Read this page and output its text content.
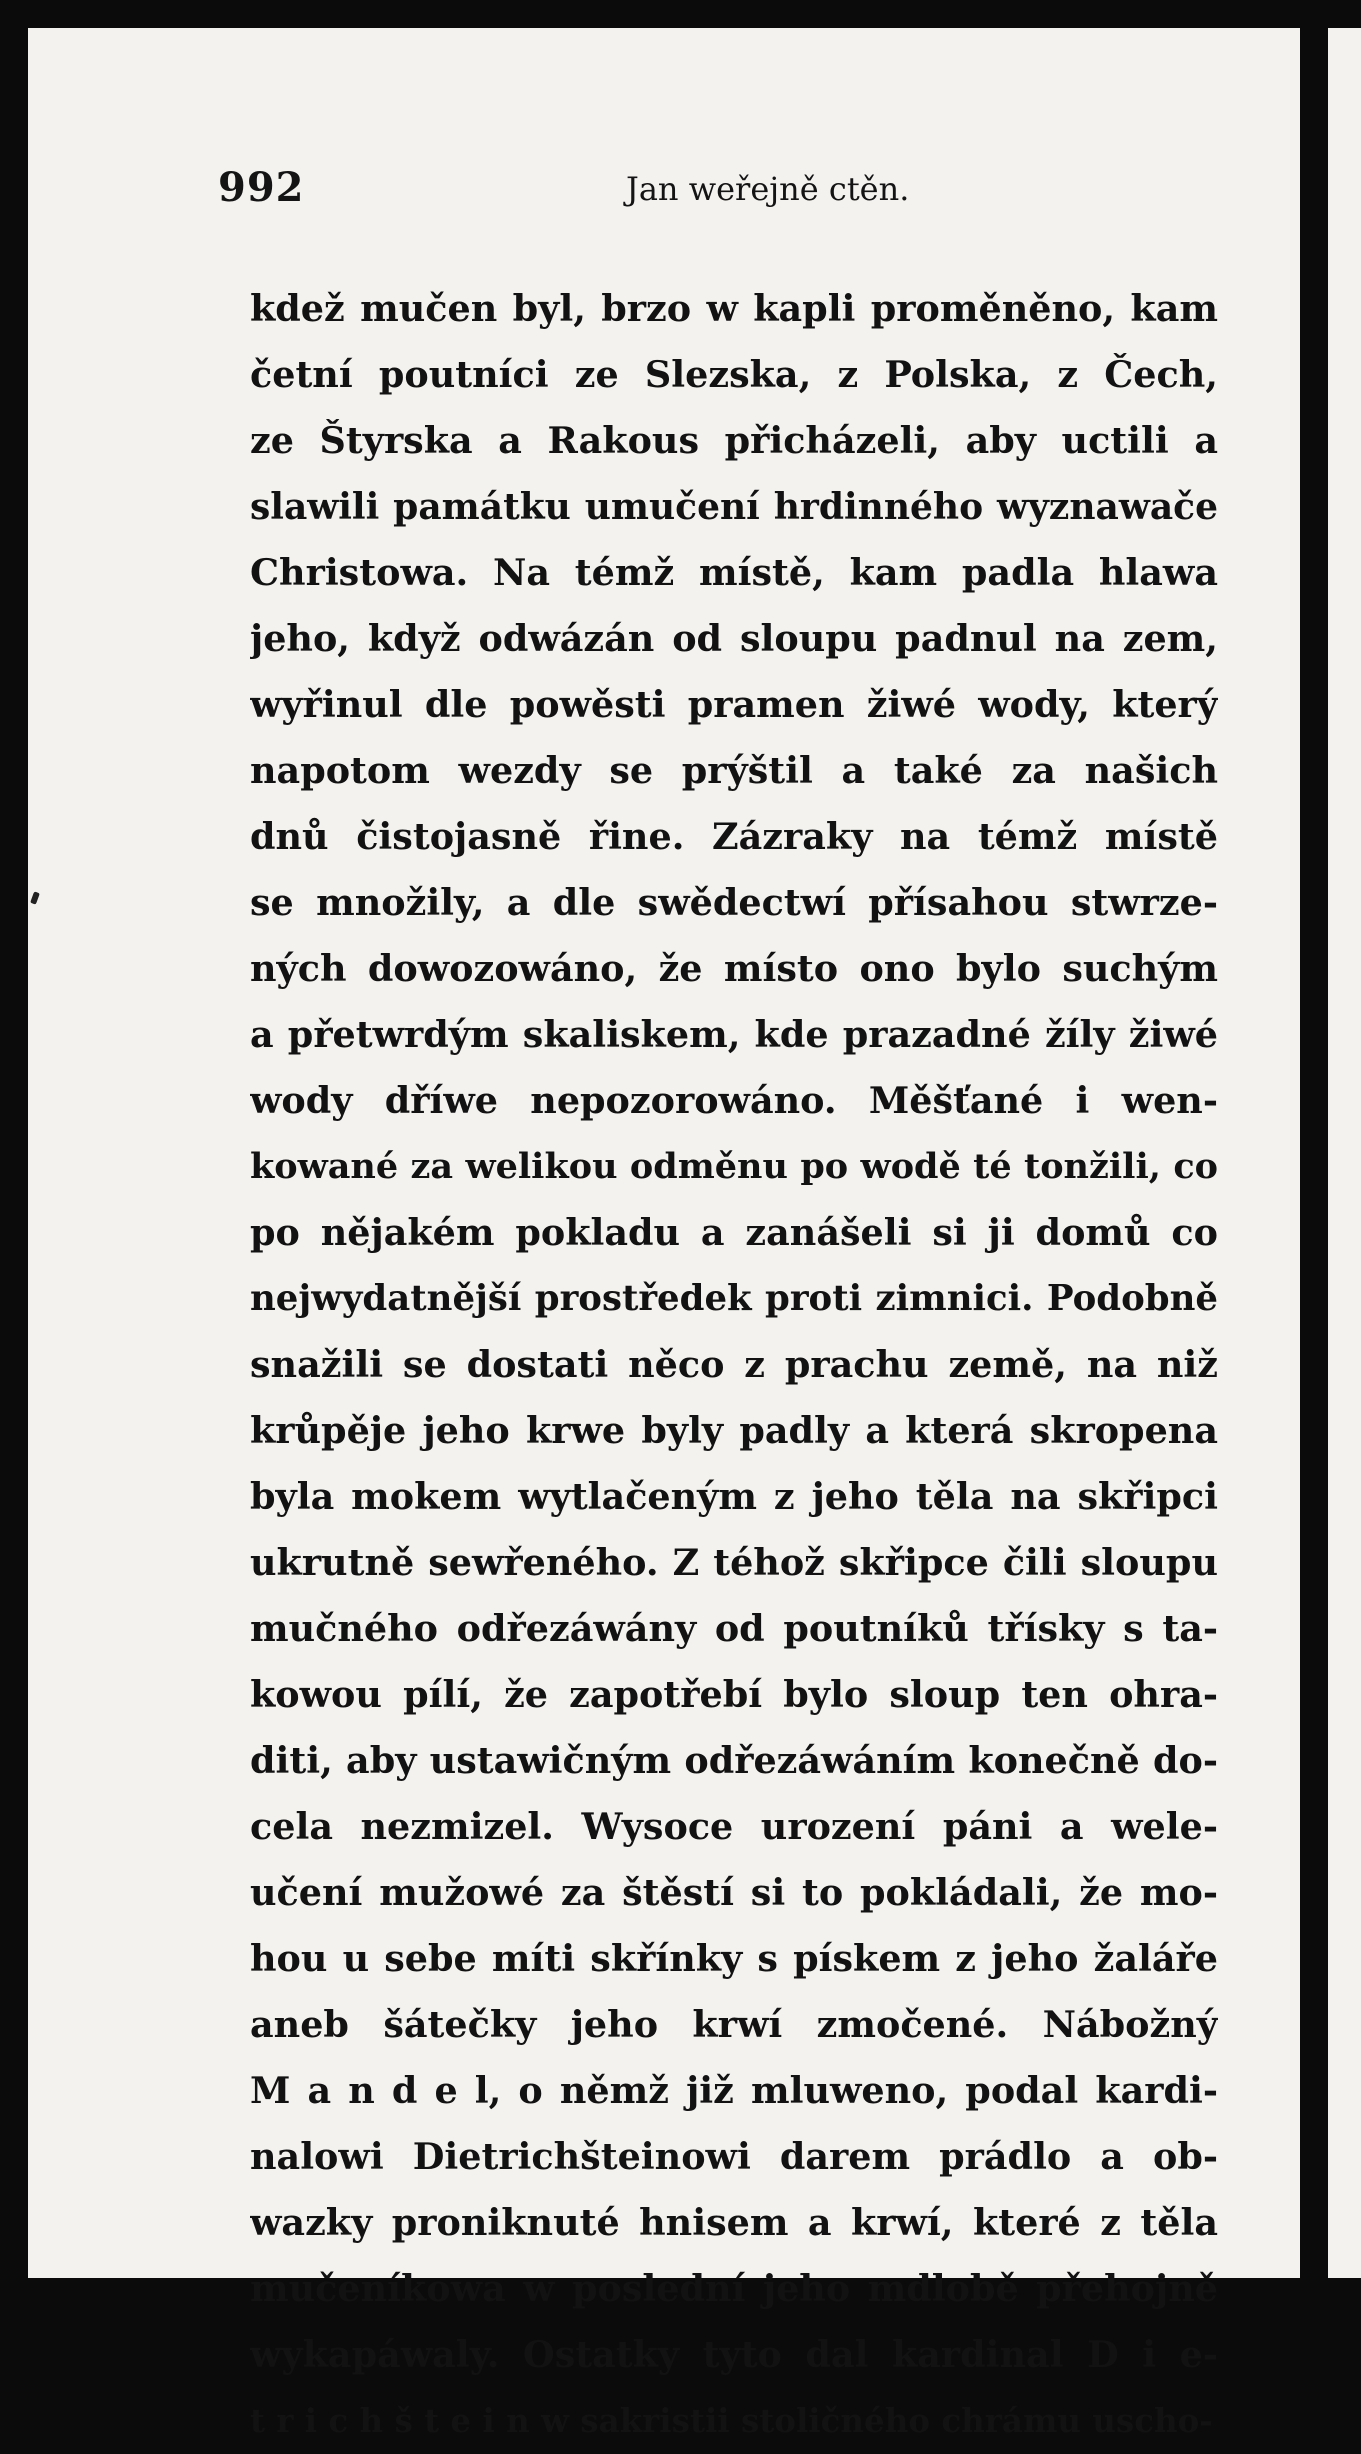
992	Jan weřejně ctěn.
kdež mučen byl, brzo w kapli proměněno, kam
četní poutníci ze Slezska, z Polska, z Čech,
ze Štyrska a Rakous přicházeli, aby uctili a
slawili památku umučení hrdinného wyznawače
Christowa. Na témž místě, kam padla hlawa
jeho, když odwázán od sloupu padnul na zem,
wyřinul dle powěsti pramen žiwé wody, který
napotom wezdy se prýštil a také za našich
dnů čistojasně řine. Zázraky na témž místě
se množily, a dle swědectwí přísahou stwrze-
ných dowozowáno, že místo ono bylo suchým
a přetwrdým skaliskem, kde prazadné žíly žiwé
wody dříwe nepozorowáno. Měšťané i wen-
kowané za welikou odměnu po wodě té tonžili, co
po nějakém pokladu a zanášeli si ji domů co
nejwydatnější prostředek proti zimnici. Podobně
snažili se dostati něco z prachu země, na niž
krůpěje jeho krwe byly padly a která skropena
byla mokem wytlačeným z jeho těla na skřipci
ukrutně sewřeného. Z téhož skřipce čili sloupu
mučného odřezáwány od poutníků třísky s ta-
kowou pílí, že zapotřebí bylo sloup ten ohra-
diti, aby ustawičným odřezáwáním konečně do-
cela nezmizel. Wysoce urození páni a wele-
učení mužowé za štěstí si to pokládali, že mo-
hou u sebe míti skřínky s pískem z jeho žaláře
aneb šátečky jeho krwí zmočené. Nábožný
M a n d e l, o němž již mluweno, podal kardi-
nalowi Dietrichšteinowi darem prádlo a ob-
wazky proniknuté hnisem a krwí, které z těla
mučeníkowa w poslední jeho mdlobě přehojně
wykapáwaly. Ostatky tyto dal kardinal D i e-
t r i c h š t e i n w sakristii stoličného chrámu uscho-
